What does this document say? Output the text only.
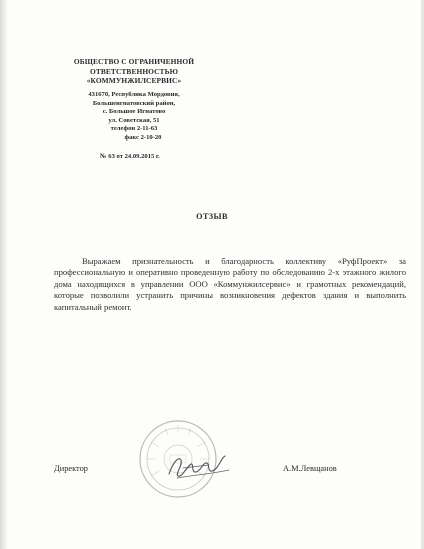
ОБЩЕСТВО С ОГРАНИЧЕННОЙ
ОТВЕТСТВЕННОСТЬЮ
«КОММУНЖИЛСЕРВИС»
431670, Республика Мордовия,
Большеигнатовский район,
с. Большое Игнатово
ул. Советская, 51
телефон 2-11-63
факс 2-10-20
№ 63 от 24.09.2015 г.
ОТЗЫВ

Выражаем признательность и благодарность коллективу «РуфПроект» за профессиональную и оперативно проведенную работу по обследованию 2-х этажного жилого дома находящихся в управлении ООО «Коммунжилсервис» и грамотных рекомендаций, которые позволили устранить причины возникновения дефектов здания и выполнить капитальный ремонт.

Директор	А.М.Левщанов
